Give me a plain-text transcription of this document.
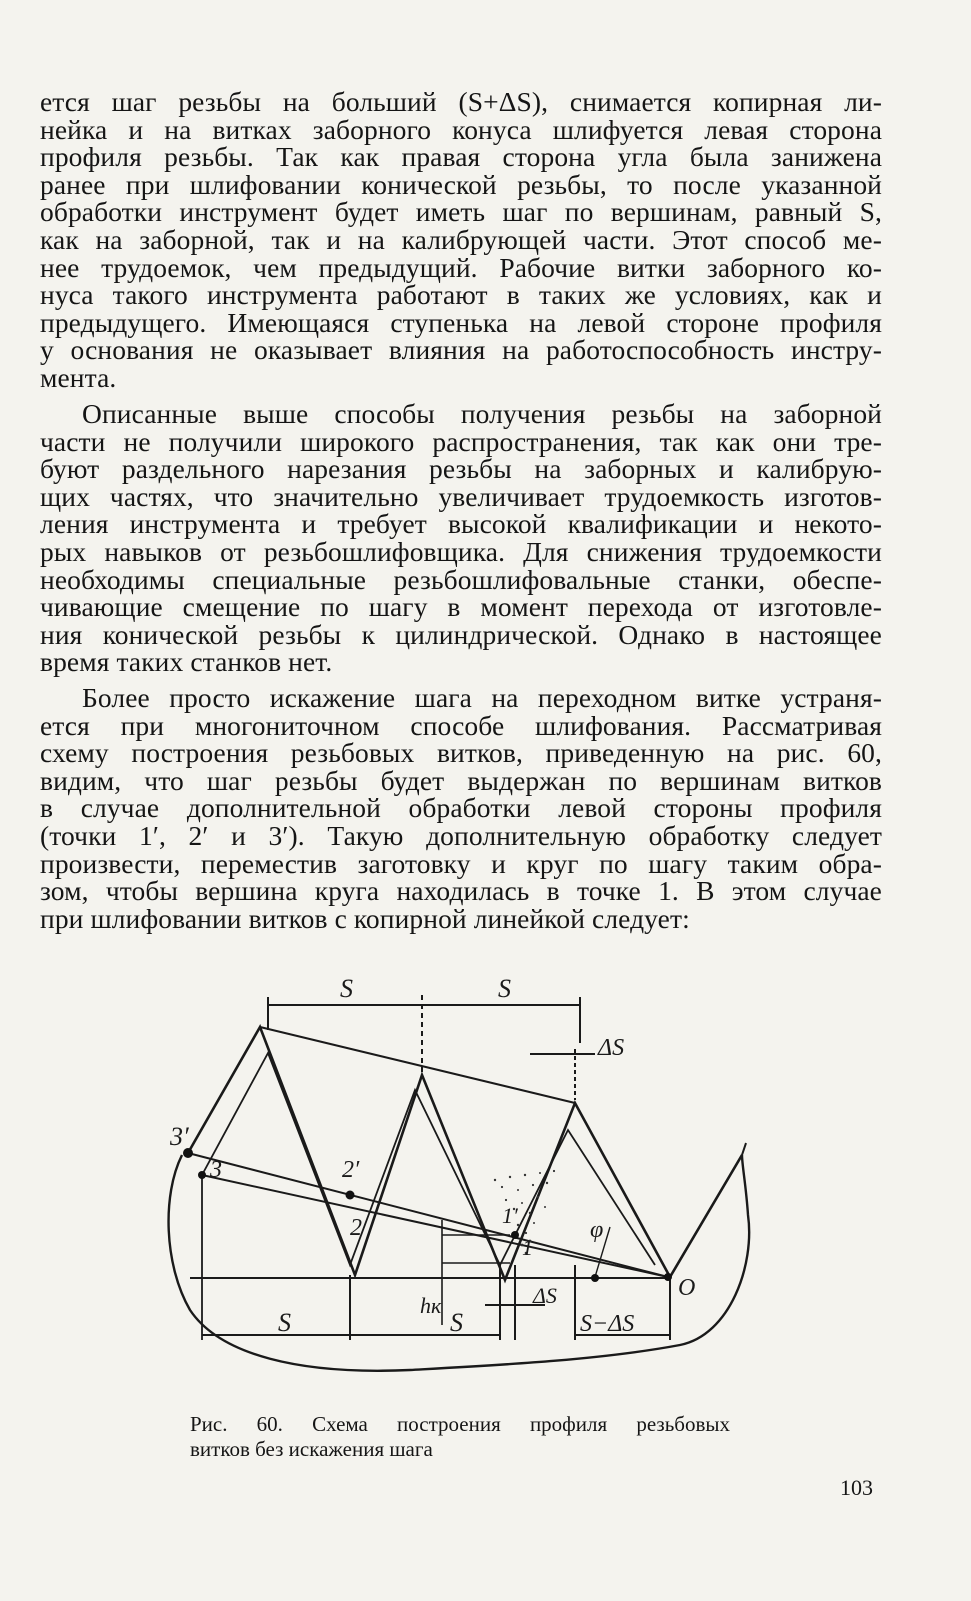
ется шаг резьбы на больший (S+ΔS), снимается копирная ли-
нейка и на витках заборного конуса шлифуется левая сторона
профиля резьбы. Так как правая сторона угла была занижена
ранее при шлифовании конической резьбы, то после указанной
обработки инструмент будет иметь шаг по вершинам, равный S,
как на заборной, так и на калибрующей части. Этот способ ме-
нее трудоемок, чем предыдущий. Рабочие витки заборного ко-
нуса такого инструмента работают в таких же условиях, как и
предыдущего. Имеющаяся ступенька на левой стороне профиля
у основания не оказывает влияния на работоспособность инстру-
мента.
Описанные выше способы получения резьбы на заборной
части не получили широкого распространения, так как они тре-
буют раздельного нарезания резьбы на заборных и калибрую-
щих частях, что значительно увеличивает трудоемкость изготов-
ления инструмента и требует высокой квалификации и некото-
рых навыков от резьбошлифовщика. Для снижения трудоемкости
необходимы специальные резьбошлифовальные станки, обеспе-
чивающие смещение по шагу в момент перехода от изготовле-
ния конической резьбы к цилиндрической. Однако в настоящее
время таких станков нет.
Более просто искажение шага на переходном витке устраня-
ется при многониточном способе шлифования. Рассматривая
схему построения резьбовых витков, приведенную на рис. 60,
видим, что шаг резьбы будет выдержан по вершинам витков
в случае дополнительной обработки левой стороны профиля
(точки 1′, 2′ и 3′). Такую дополнительную обработку следует
произвести, переместив заготовку и круг по шагу таким обра-
зом, чтобы вершина круга находилась в точке 1. В этом случае
при шлифовании витков с копирной линейкой следует:
S	S
ΔS
3′
3	2′
2	1′
1
φ
O
hк
S	S
ΔS
S−ΔS
Рис. 60. Схема построения профиля резьбовых
витков без искажения шага
103
